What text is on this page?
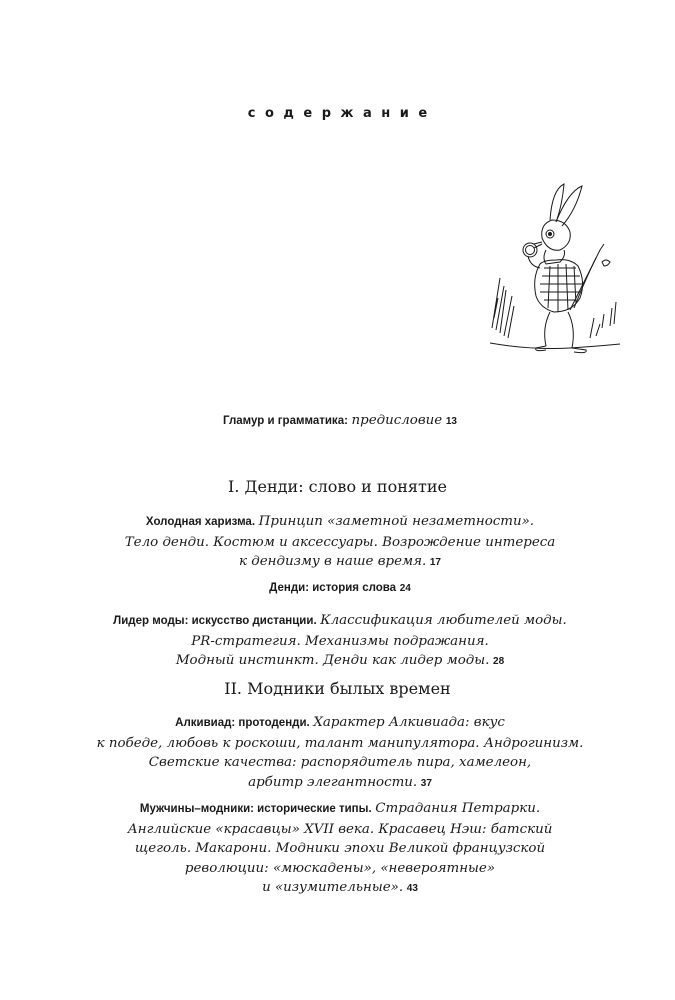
содержание
Гламур и грамматика: предисловие 13
I. Денди: слово и понятие
Холодная харизма. Принцип «заметной незаметности».
Тело денди. Костюм и аксессуары. Возрождение интереса
к дендизму в наше время. 17
Денди: история слова 24
Лидер моды: искусство дистанции. Классификация любителей моды.
PR-стратегия. Механизмы подражания.
Модный инстинкт. Денди как лидер моды. 28
II. Модники былых времен
Алкивиад: протоденди. Характер Алкивиада: вкус
к победе, любовь к роскоши, талант манипулятора. Андрогинизм.
Светские качества: распорядитель пира, хамелеон,
арбитр элегантности. 37
Мужчины–модники: исторические типы. Страдания Петрарки.
Английские «красавцы» XVII века. Красавец Нэш: батский
щеголь. Макарони. Модники эпохи Великой французской
революции: «мюскадены», «невероятные»
и «изумительные». 43
